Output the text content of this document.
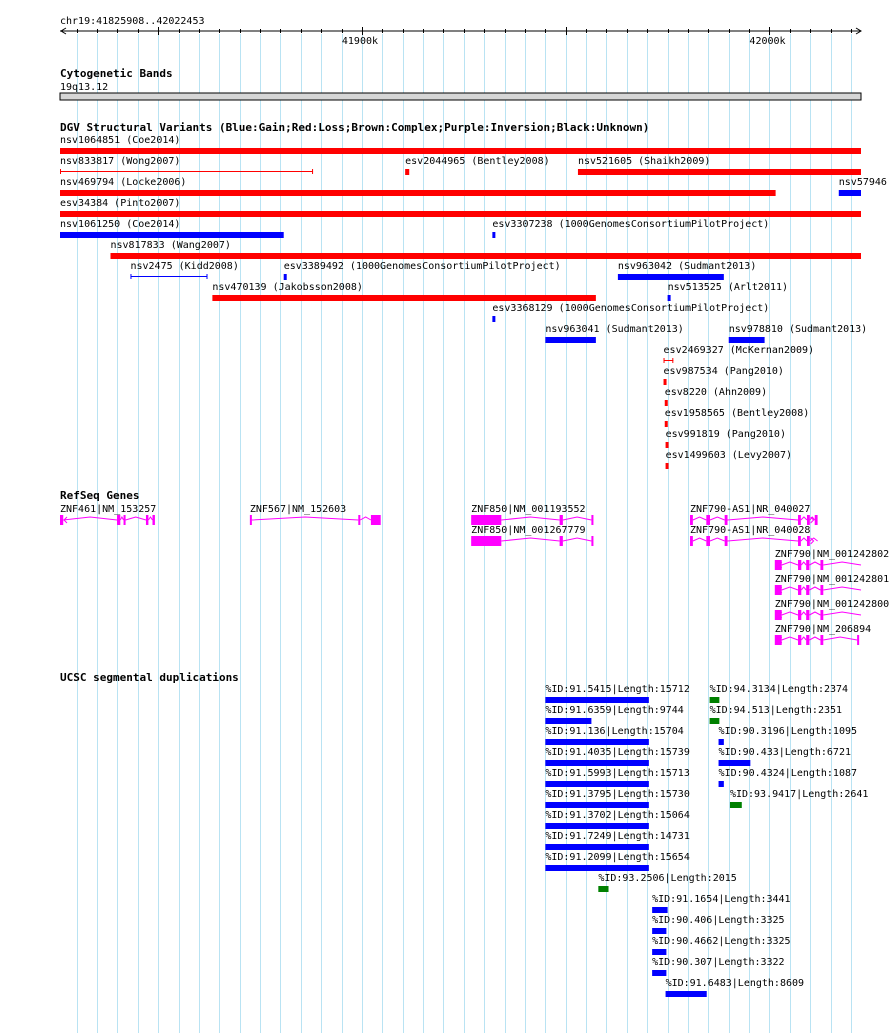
chr19:41825908..42022453
41900k	42000k
Cytogenetic Bands
19q13.12
DGV Structural Variants (Blue:Gain;Red:Loss;Brown:Complex;Purple:Inversion;Black:Unknown)
nsv1064851 (Coe2014)
nsv833817 (Wong2007)	esv2044965 (Bentley2008)	nsv521605 (Shaikh2009)
nsv469794 (Locke2006)	nsv57946
esv34384 (Pinto2007)
nsv1061250 (Coe2014)	esv3307238 (1000GenomesConsortiumPilotProject)
nsv817833 (Wang2007)
nsv2475 (Kidd2008)	esv3389492 (1000GenomesConsortiumPilotProject)	nsv963042 (Sudmant2013)
nsv470139 (Jakobsson2008)	nsv513525 (Arlt2011)
esv3368129 (1000GenomesConsortiumPilotProject)
nsv963041 (Sudmant2013)	nsv978810 (Sudmant2013)
esv2469327 (McKernan2009)
esv987534 (Pang2010)
esv8220 (Ahn2009)
esv1958565 (Bentley2008)
esv991819 (Pang2010)
esv1499603 (Levy2007)
RefSeq Genes
ZNF461|NM_153257	ZNF567|NM_152603	ZNF850|NM_001193552	ZNF790-AS1|NR_040027
ZNF850|NM_001267779	ZNF790-AS1|NR_040028
ZNF790|NM_001242802
ZNF790|NM_001242801
ZNF790|NM_001242800
ZNF790|NM_206894
UCSC segmental duplications
%ID:91.5415|Length:15712 %ID:94.3134|Length:2374
%ID:91.6359|Length:9744	%ID:94.513|Length:2351
%ID:91.136|Length:15704	%ID:90.3196|Length:1095
%ID:91.4035|Length:15739	%ID:90.433|Length:6721
%ID:91.5993|Length:15713	%ID:90.4324|Length:1087
%ID:91.3795|Length:15730	%ID:93.9417|Length:2641
%ID:91.3702|Length:15064
%ID:91.7249|Length:14731
%ID:91.2099|Length:15654
%ID:93.2506|Length:2015
%ID:91.1654|Length:3441
%ID:90.406|Length:3325
%ID:90.4662|Length:3325
%ID:90.307|Length:3322
%ID:91.6483|Length:8609
